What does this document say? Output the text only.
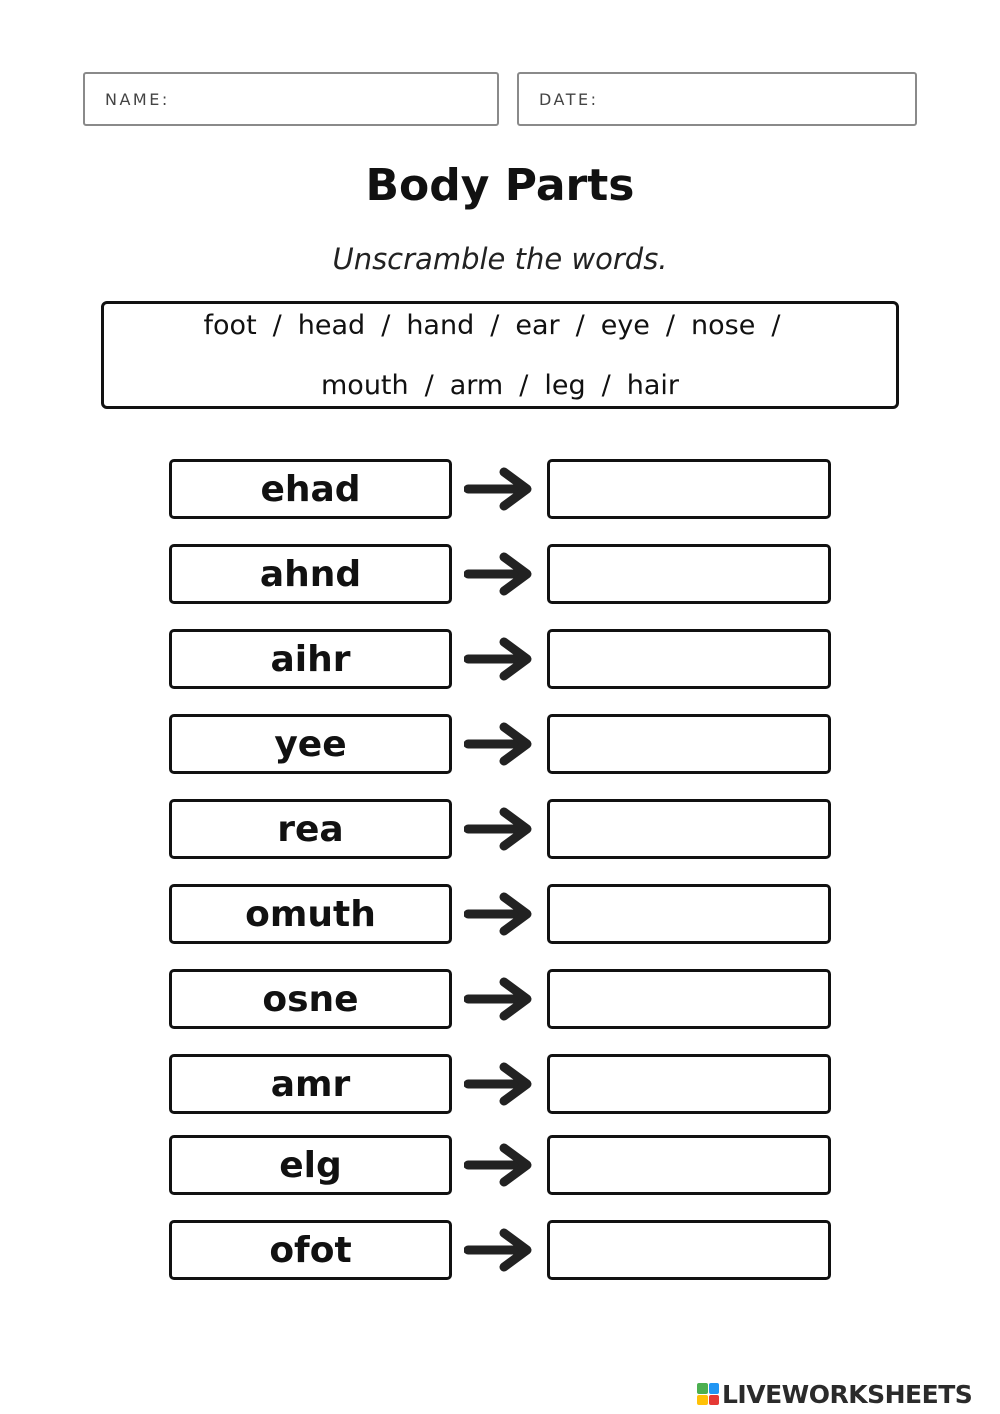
NAME:	DATE:
Body Parts
Unscramble the words.
foot / head / hand / ear / eye / nose /
mouth / arm / leg / hair
ehad
ahnd
aihr
yee
rea
omuth
osne
amr
elg
ofot
LIVEWORKSHEETS
